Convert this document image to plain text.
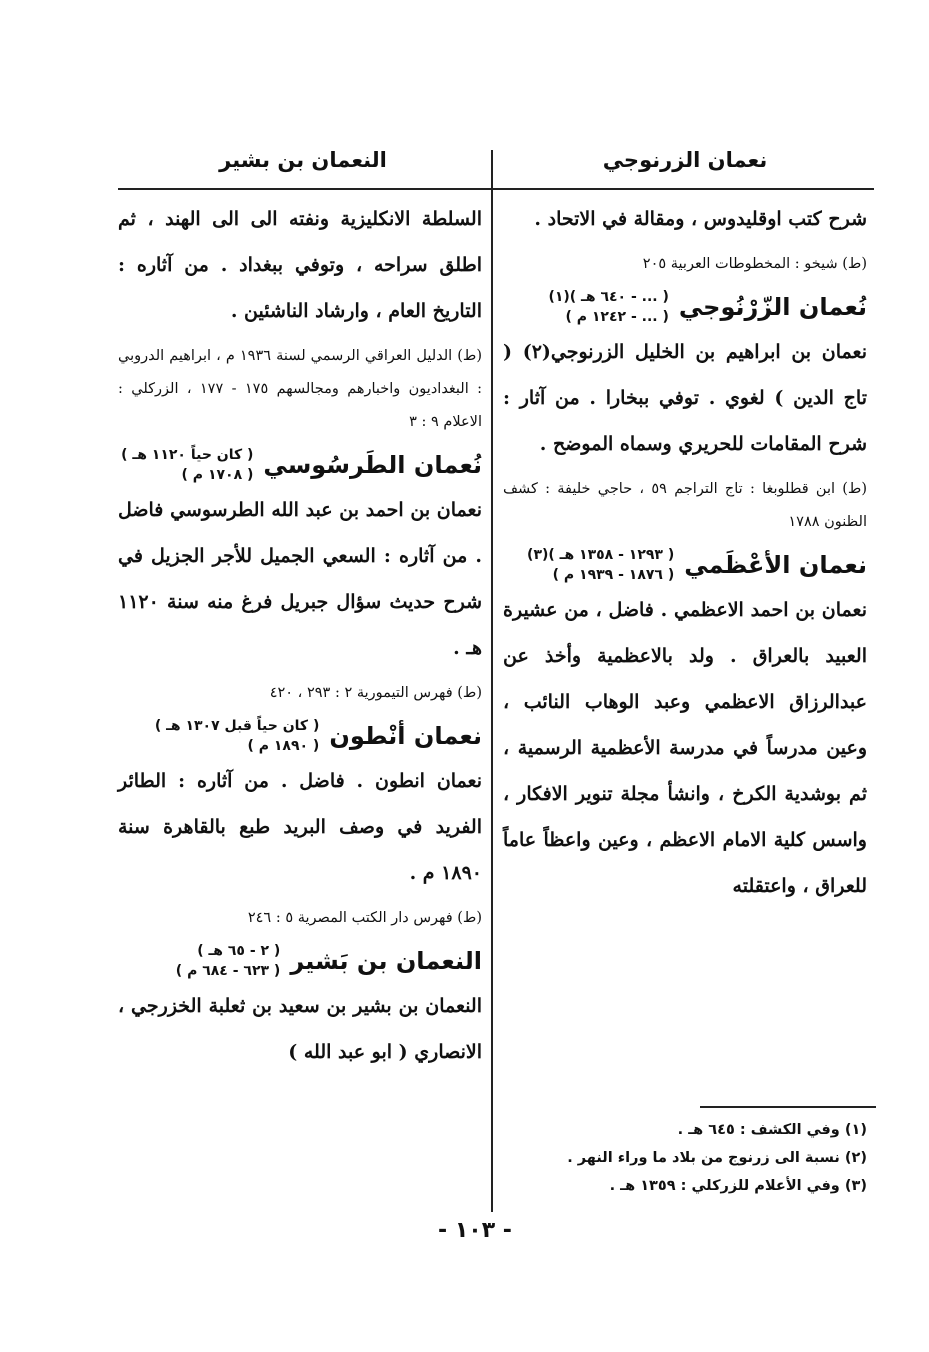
نعمان الزرنوجي
النعمان بن بشير

شرح كتب اوقليدوس ، ومقالة في الاتحاد .

(ط) شيخو : المخطوطات العربية ٢٠٥

نُعمان الزّرْنُوجي
( ... - ٦٤٠ هـ )(١)
( ... - ١٢٤٢ م )

نعمان بن ابراهيم بن الخليل الزرنوجي(٢) ( تاج الدين ) لغوي . توفي ببخارا . من آثار : شرح المقامات للحريري وسماه الموضح .

(ط) ابن قطلوبغا : تاج التراجم ٥٩ ، حاجي خليفة : كشف الظنون ١٧٨٨

نعمان الأعْظَمي
( ١٢٩٣ - ١٣٥٨ هـ )(٣)
( ١٨٧٦ - ١٩٣٩ م )

نعمان بن احمد الاعظمي . فاضل ، من عشيرة العبيد بالعراق . ولد بالاعظمية وأخذ عن عبدالرزاق الاعظمي وعبد الوهاب النائب ، وعين مدرساً في مدرسة الأعظمية الرسمية ، ثم بوشدية الكرخ ، وانشأ مجلة تنوير الافكار ، واسس كلية الامام الاعظم ، وعين واعظاً عاماً للعراق ، واعتقلته

(١) وفي الكشف : ٦٤٥ هـ .
(٢) نسبة الى زرنوج من بلاد ما وراء النهر .
(٣) وفي الأعلام للزركلي : ١٣٥٩ هـ .

السلطة الانكليزية ونفته الى الى الهند ، ثم اطلق سراحه ، وتوفي ببغداد . من آثاره : التاريخ العام ، وارشاد الناشئين .

(ط) الدليل العراقي الرسمي لسنة ١٩٣٦ م ، ابراهيم الدروبي : البغداديون واخبارهم ومجالسهم ١٧٥ - ١٧٧ ، الزركلي : الاعلام ٩ : ٣

نُعمان الطَرسُوسي
( كان حياً ١١٢٠ هـ )
( ١٧٠٨ م )

نعمان بن احمد بن عبد الله الطرسوسي فاضل . من آثاره : السعي الجميل للأجر الجزيل في شرح حديث سؤال جبريل فرغ منه سنة ١١٢٠ هـ .

(ط) فهرس التيمورية ٢ : ٢٩٣ ، ٤٢٠

نعمان أنْطون
( كان حياً قبل ١٣٠٧ هـ )
( ١٨٩٠ م )

نعمان انطون . فاضل . من آثاره : الطائر الفريد في وصف البريد طبع بالقاهرة سنة ١٨٩٠ م .

(ط) فهرس دار الكتب المصرية ٥ : ٢٤٦

النعمان بن بَشير
( ٢ - ٦٥ هـ )
( ٦٢٣ - ٦٨٤ م )

النعمان بن بشير بن سعيد بن ثعلبة الخزرجي ، الانصاري ( ابو عبد الله )

- ١٠٣ -
